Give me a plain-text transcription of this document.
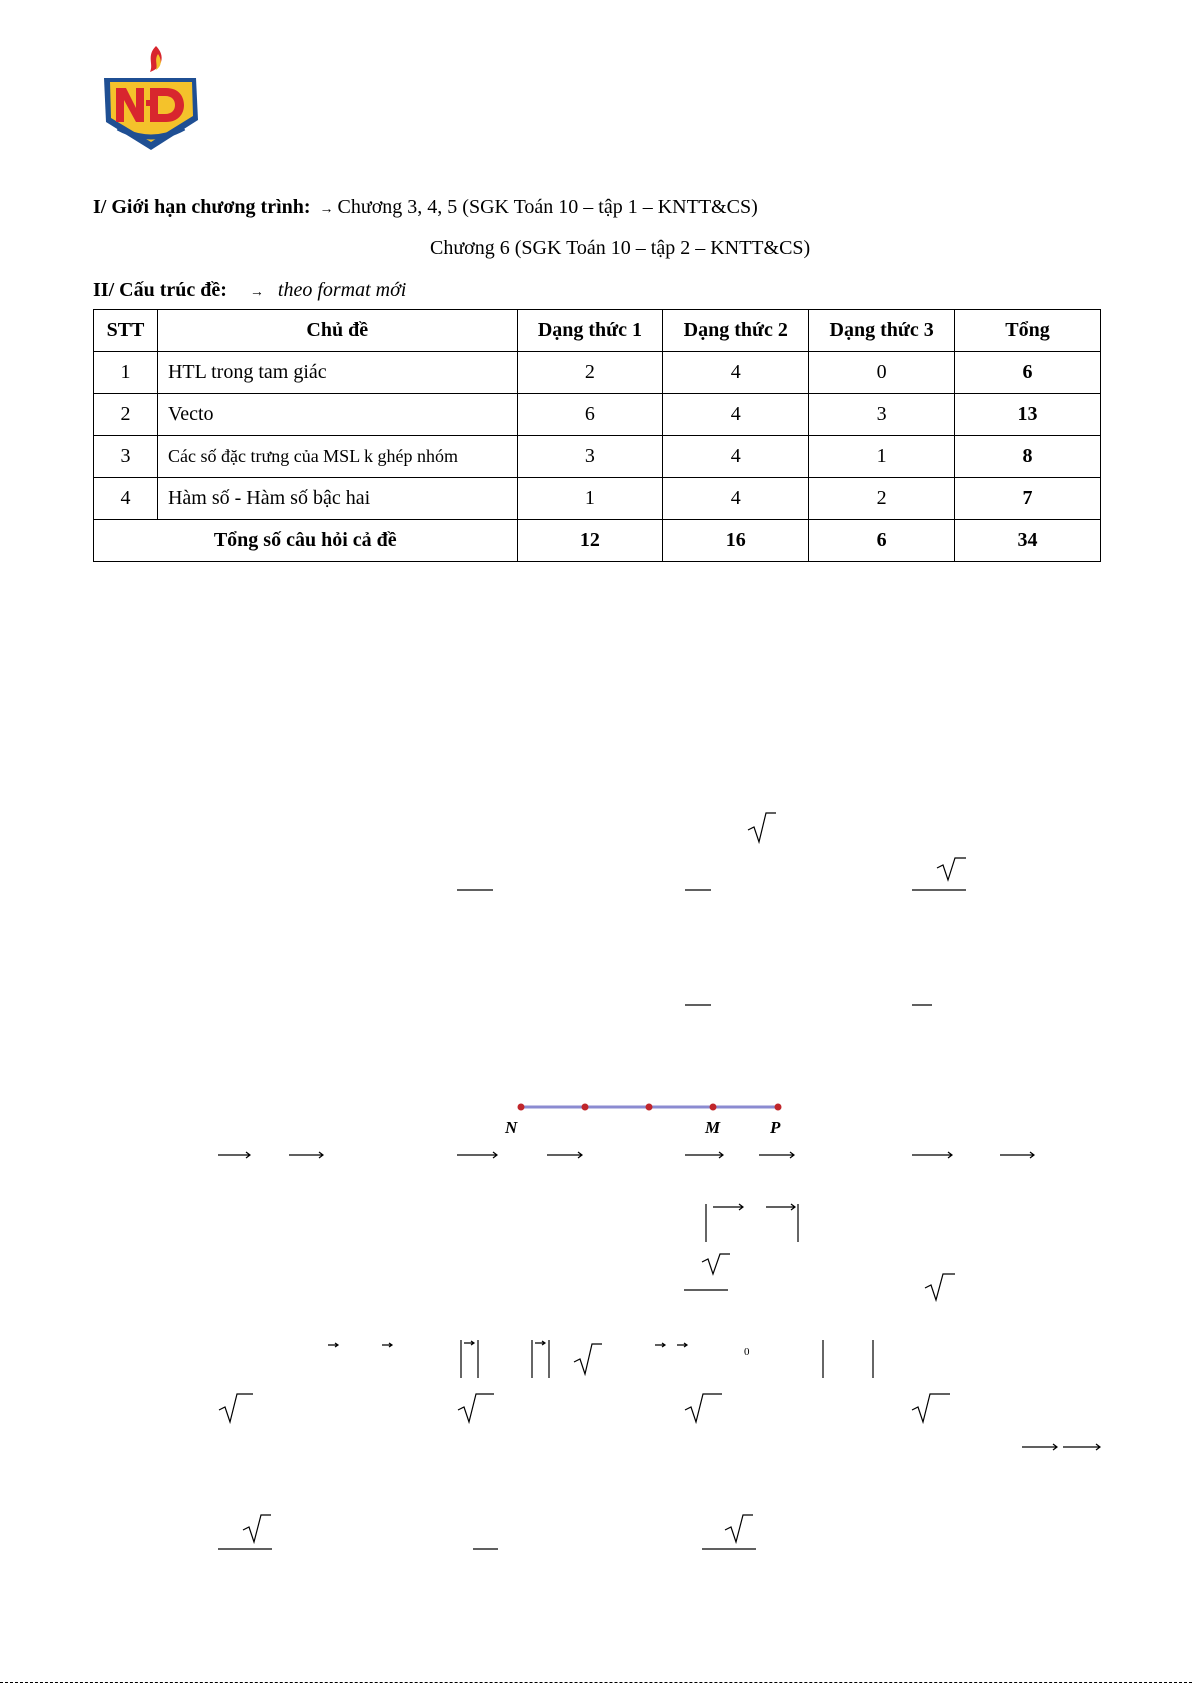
I/ Giới hạn chương trình: → Chương 3, 4, 5 (SGK Toán 10 – tập 1 – KNTT&CS)
Chương 6 (SGK Toán 10 – tập 2 – KNTT&CS)
II/ Cấu trúc đề: → theo format mới
STT	Chủ đề	Dạng thức 1	Dạng thức 2	Dạng thức 3	Tổng
1	HTL trong tam giác	2	4	0	6
2	Vecto	6	4	3	13
3	Các số đặc trưng của MSL k ghép nhóm	3	4	1	8
4	Hàm số - Hàm số bậc hai	1	4	2	7
Tổng số câu hỏi cả đề		12	16	6	34
0
N	M	P
